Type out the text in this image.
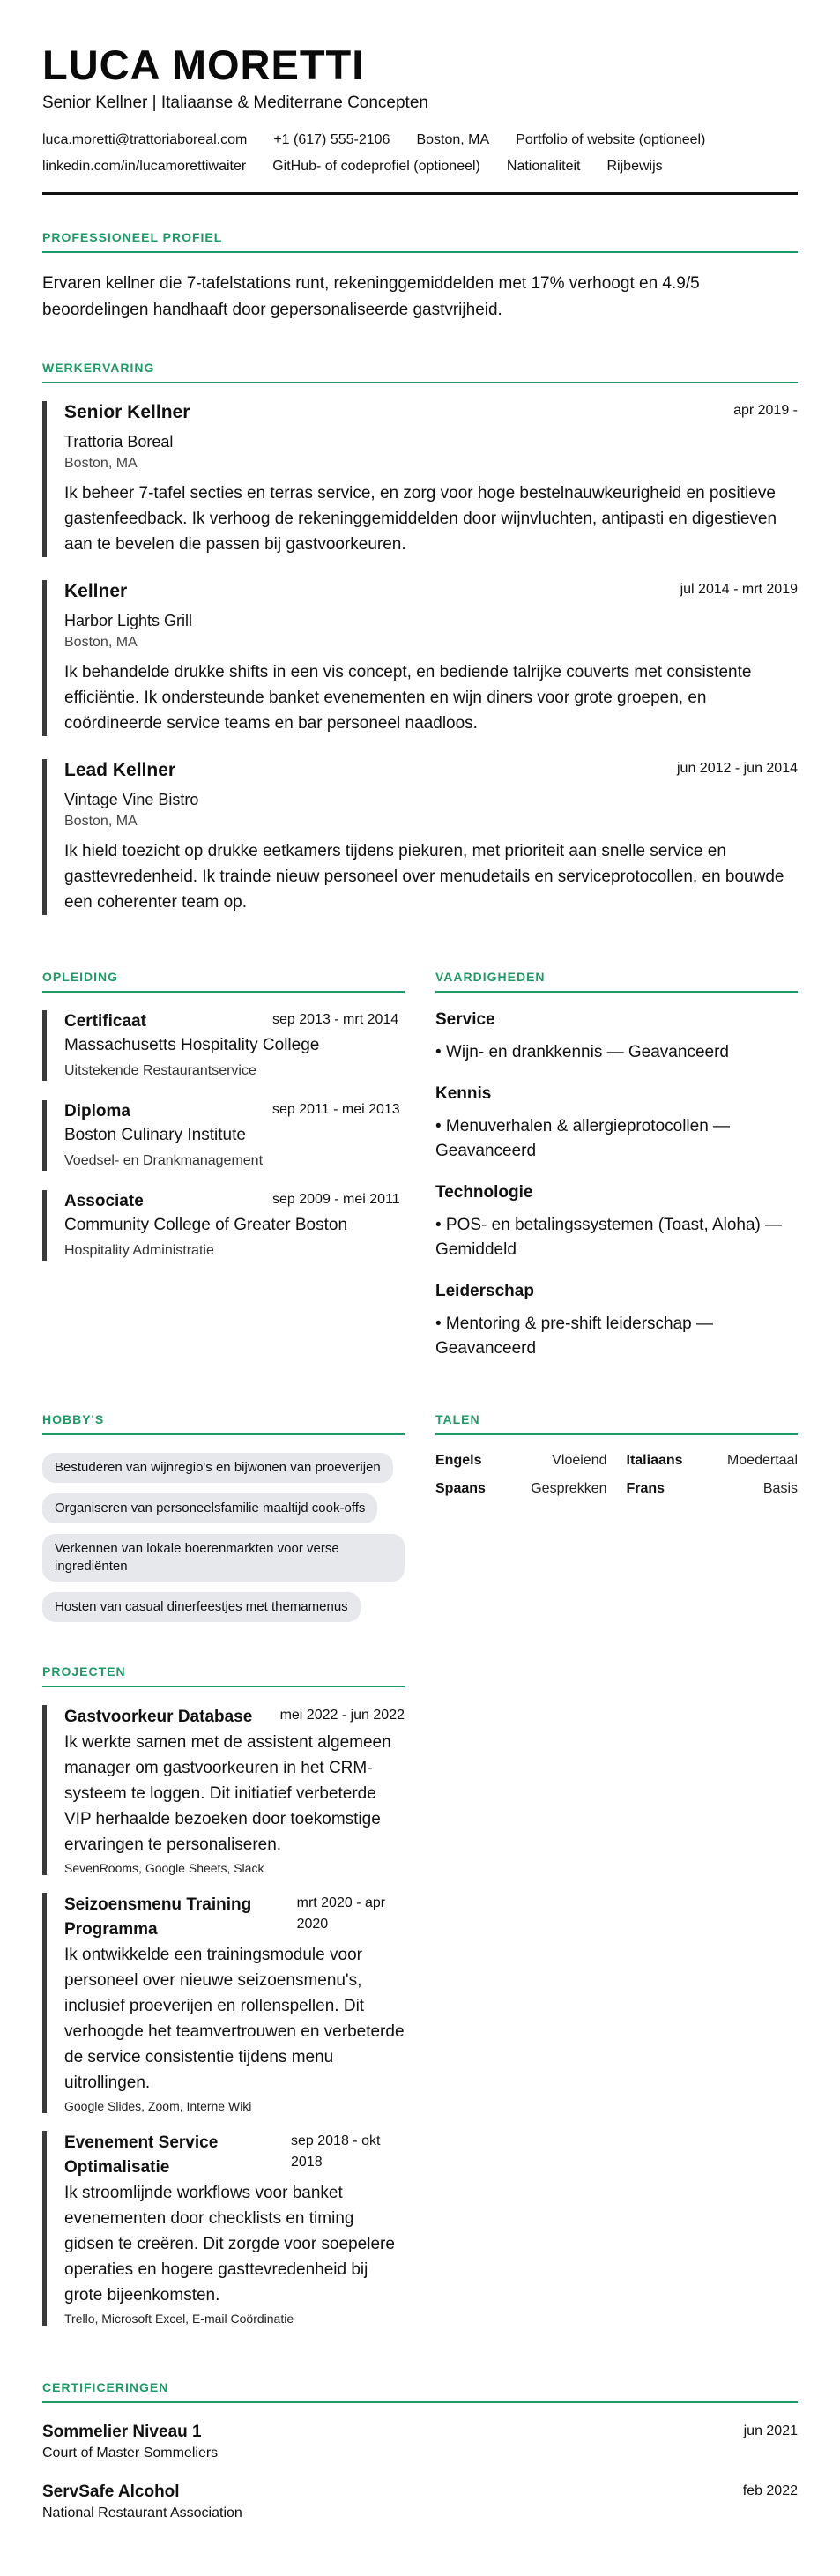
LUCA MORETTI
Senior Kellner | Italiaanse & Mediterrane Concepten
luca.moretti@trattoriaboreal.com +1 (617) 555-2106 Boston, MA Portfolio of website (optioneel)
linkedin.com/in/lucamorettiwaiter GitHub- of codeprofiel (optioneel) Nationaliteit Rijbewijs
PROFESSIONEEL PROFIEL

Ervaren kellner die 7-tafelstations runt, rekeninggemiddelden met 17% verhoogt en 4.9/5 beoordelingen handhaaft door gepersonaliseerde gastvrijheid.

WERKERVARING
Senior Kellner	apr 2019 -
Trattoria Boreal
Boston, MA

Ik beheer 7-tafel secties en terras service, en zorg voor hoge bestelnauwkeurigheid en positieve gastenfeedback. Ik verhoog de rekeninggemiddelden door wijnvluchten, antipasti en digestieven aan te bevelen die passen bij gastvoorkeuren.

Kellner	jul 2014 - mrt 2019
Harbor Lights Grill
Boston, MA

Ik behandelde drukke shifts in een vis concept, en bediende talrijke couverts met consistente efficiëntie. Ik ondersteunde banket evenementen en wijn diners voor grote groepen, en coördineerde service teams en bar personeel naadloos.

Lead Kellner	jun 2012 - jun 2014
Vintage Vine Bistro
Boston, MA

Ik hield toezicht op drukke eetkamers tijdens piekuren, met prioriteit aan snelle service en gasttevredenheid. Ik trainde nieuw personeel over menudetails en serviceprotocollen, en bouwde een coherenter team op.

OPLEIDING
Certificaat	sep 2013 - mrt 2014
Massachusetts Hospitality College
Uitstekende Restaurantservice
Diploma	sep 2011 - mei 2013
Boston Culinary Institute
Voedsel- en Drankmanagement
Associate	sep 2009 - mei 2011
Community College of Greater Boston
Hospitality Administratie
VAARDIGHEDEN
Service
• Wijn- en drankkennis — Geavanceerd
Kennis
• Menuverhalen & allergieprotocollen — Geavanceerd
Technologie
• POS- en betalingssystemen (Toast, Aloha) — Gemiddeld
Leiderschap
• Mentoring & pre-shift leiderschap — Geavanceerd
HOBBY'S
Bestuderen van wijnregio's en bijwonen van proeverijen
Organiseren van personeelsfamilie maaltijd cook-offs
Verkennen van lokale boerenmarkten voor verse ingrediënten
Hosten van casual dinerfeestjes met themamenus
TALEN
Engels	Vloeiend Italiaans	Moedertaal
Spaans	Gesprekken Frans	Basis
PROJECTEN
Gastvoorkeur Database	mei 2022 - jun 2022

Ik werkte samen met de assistent algemeen manager om gastvoorkeuren in het CRM-systeem te loggen. Dit initiatief verbeterde VIP herhaalde bezoeken door toekomstige ervaringen te personaliseren.

SevenRooms, Google Sheets, Slack
Seizoensmenu Training Programma
mrt 2020 - apr 2020

Ik ontwikkelde een trainingsmodule voor personeel over nieuwe seizoensmenu's, inclusief proeverijen en rollenspellen. Dit verhoogde het teamvertrouwen en verbeterde de service consistentie tijdens menu uitrollingen.

Google Slides, Zoom, Interne Wiki
Evenement Service Optimalisatie
sep 2018 - okt 2018

Ik stroomlijnde workflows voor banket evenementen door checklists en timing gidsen te creëren. Dit zorgde voor soepelere operaties en hogere gasttevredenheid bij grote bijeenkomsten.

Trello, Microsoft Excel, E-mail Coördinatie
CERTIFICERINGEN
Sommelier Niveau 1
Court of Master Sommeliers
jun 2021
ServSafe Alcohol
National Restaurant Association
feb 2022
